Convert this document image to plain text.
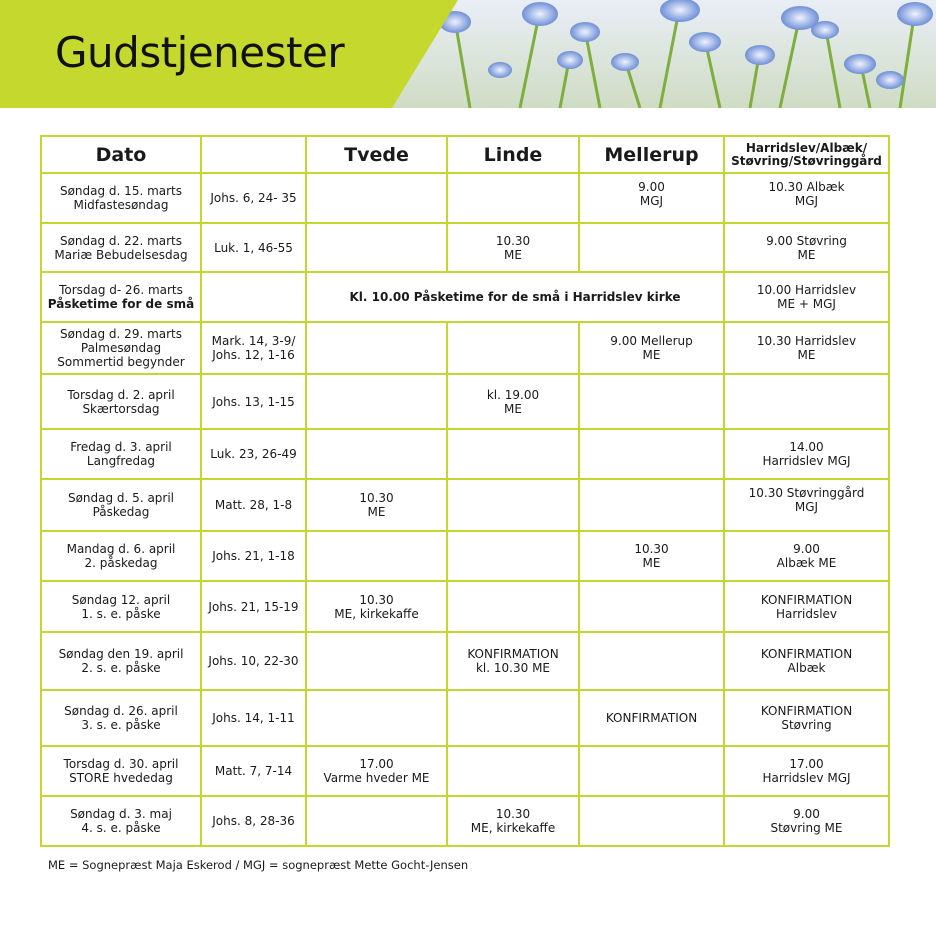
Gudstjenester
Dato		Tvede	Linde	Mellerup	Harridslev/Albæk/
Støvring/Støvringgård

Søndag d. 15. marts
Midfastesøndag	Johs. 6, 24- 35			9.00
MGJ	10.30 Albæk
MGJ

Søndag d. 22. marts
Mariæ Bebudelsesdag	Luk. 1, 46-55		10.30
ME		9.00 Støvring
ME

Torsdag d- 26. marts
Påsketime for de små		Kl. 10.00 Påsketime for de små i Harridslev kirke			10.00 Harridslev
ME + MGJ

Søndag d. 29. marts
Palmesøndag
Sommertid begynder	Mark. 14, 3-9/
Johs. 12, 1-16			9.00 Mellerup
ME	10.30 Harridslev
ME

Torsdag d. 2. april
Skærtorsdag	Johs. 13, 1-15		kl. 19.00
ME		

Fredag d. 3. april
Langfredag	Luk. 23, 26-49				14.00
Harridslev MGJ

Søndag d. 5. april
Påskedag	Matt. 28, 1-8	10.30
ME			10.30 Støvringgård
MGJ

Mandag d. 6. april
2. påskedag	Johs. 21, 1-18			10.30
ME	9.00
Albæk ME

Søndag 12. april
1. s. e. påske	Johs. 21, 15-19	10.30
ME, kirkekaffe			KONFIRMATION
Harridslev

Søndag den 19. april
2. s. e. påske	Johs. 10, 22-30		KONFIRMATION
kl. 10.30 ME		KONFIRMATION
Albæk

Søndag d. 26. april
3. s. e. påske	Johs. 14, 1-11			KONFIRMATION	KONFIRMATION
Støvring

Torsdag d. 30. april
STORE hvededag	Matt. 7, 7-14	17.00
Varme hveder ME			17.00
Harridslev MGJ

Søndag d. 3. maj
4. s. e. påske	Johs. 8, 28-36		10.30
ME, kirkekaffe		9.00
Støvring ME
ME = Sognepræst Maja Eskerod / MGJ = sognepræst Mette Gocht-Jensen
